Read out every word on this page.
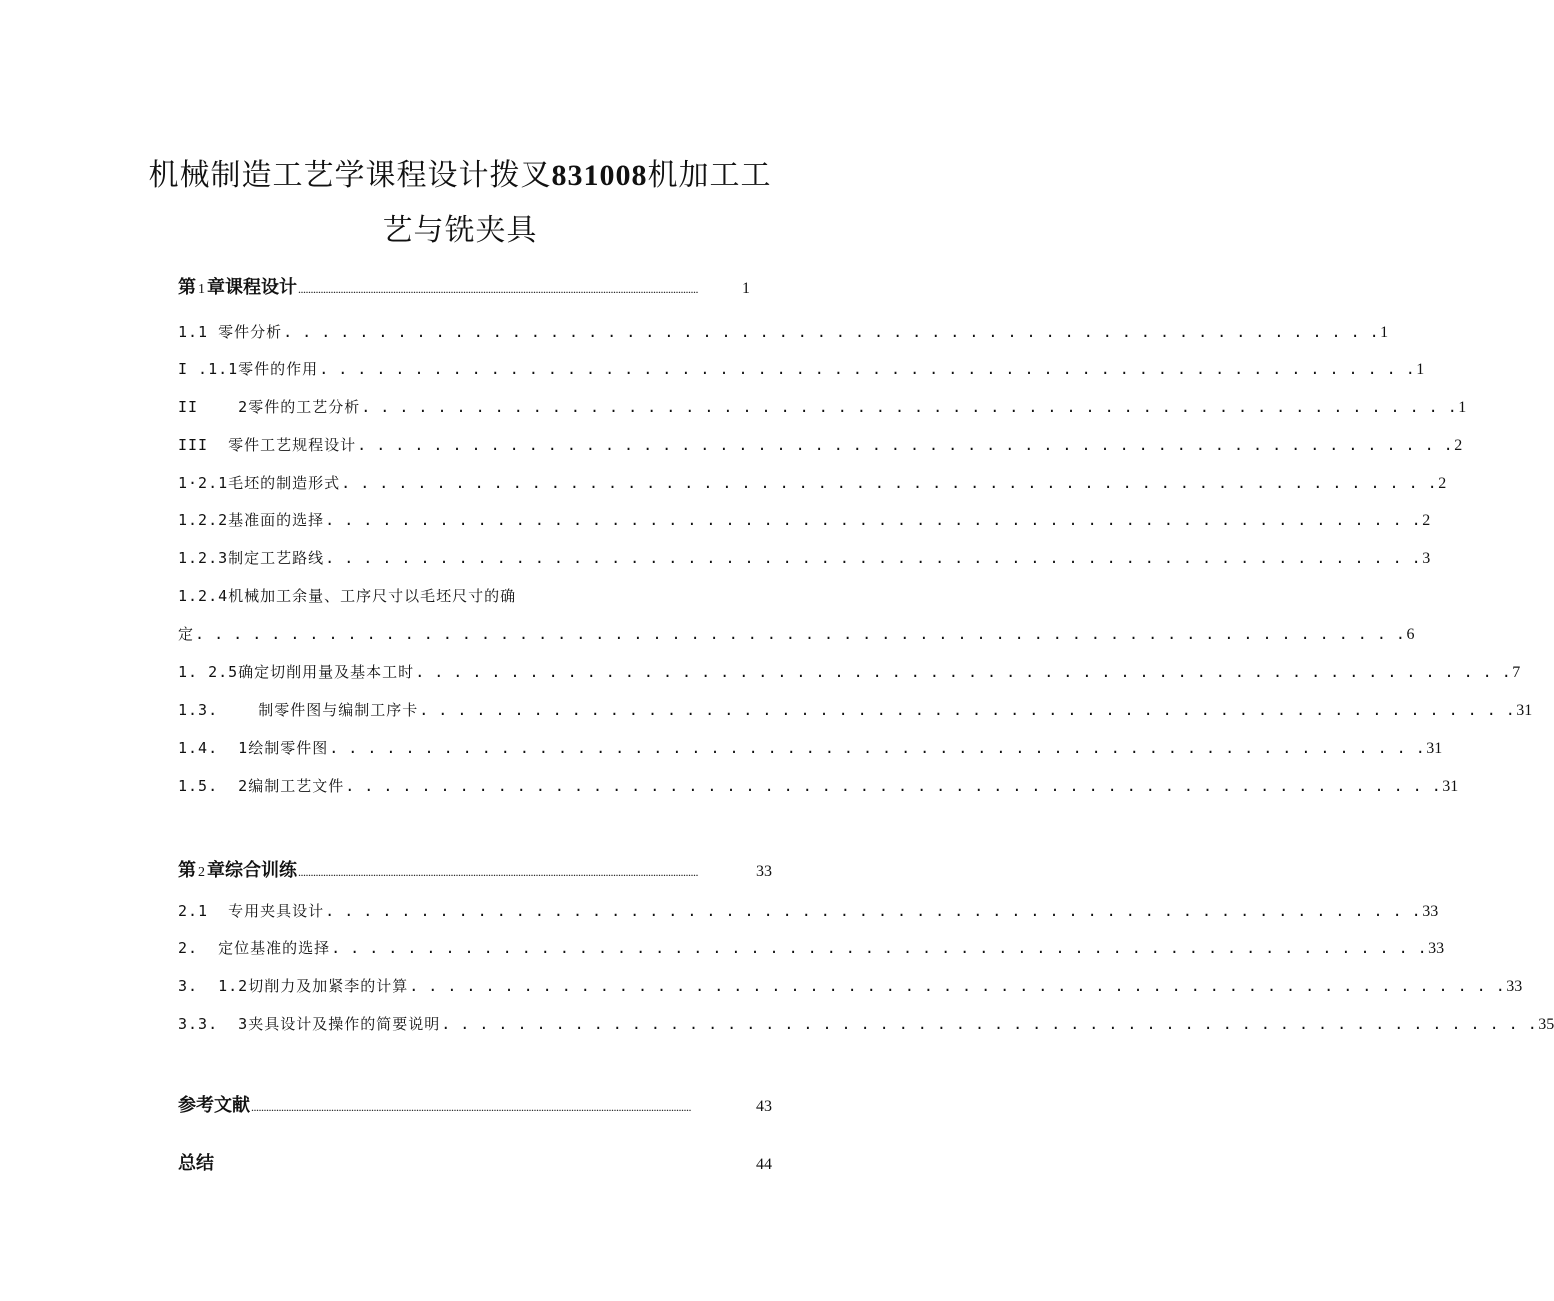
机械制造工艺学课程设计拨叉831008机加工工
艺与铣夹具
第 1 章课程设计 ................................................................................................................................................................	1
1.1 零件分析 . . . . . . . . . . . . . . . . . . . . . . . . . . . . . . . . . . . . . . . . . . . . . . . . . . . . . . . . . . 1
I .1.1零件的作用 . . . . . . . . . . . . . . . . . . . . . . . . . . . . . . . . . . . . . . . . . . . . . . . . . . . . . . . . . . 1
II    2零件的工艺分析 . . . . . . . . . . . . . . . . . . . . . . . . . . . . . . . . . . . . . . . . . . . . . . . . . . . . . . . . . . 1
III  零件工艺规程设计 . . . . . . . . . . . . . . . . . . . . . . . . . . . . . . . . . . . . . . . . . . . . . . . . . . . . . . . . . . 2
1·2.1毛坯的制造形式 . . . . . . . . . . . . . . . . . . . . . . . . . . . . . . . . . . . . . . . . . . . . . . . . . . . . . . . . . . 2
1.2.2基准面的选择 . . . . . . . . . . . . . . . . . . . . . . . . . . . . . . . . . . . . . . . . . . . . . . . . . . . . . . . . . . 2
1.2.3制定工艺路线 . . . . . . . . . . . . . . . . . . . . . . . . . . . . . . . . . . . . . . . . . . . . . . . . . . . . . . . . . . 3
1.2.4机械加工余量、工序尺寸以毛坯尺寸的确
定 . . . . . . . . . . . . . . . . . . . . . . . . . . . . . . . . . . . . . . . . . . . . . . . . . . . . . . . . . . . . . . . . 6
1. 2.5确定切削用量及基本工时 . . . . . . . . . . . . . . . . . . . . . . . . . . . . . . . . . . . . . . . . . . . . . . . . . . . . . . . . . . 7
1.3.    制零件图与编制工序卡 . . . . . . . . . . . . . . . . . . . . . . . . . . . . . . . . . . . . . . . . . . . . . . . . . . . . . . . . . . 31
1.4.  1绘制零件图 . . . . . . . . . . . . . . . . . . . . . . . . . . . . . . . . . . . . . . . . . . . . . . . . . . . . . . . . . . 31
1.5.  2编制工艺文件 . . . . . . . . . . . . . . . . . . . . . . . . . . . . . . . . . . . . . . . . . . . . . . . . . . . . . . . . . . 31
第 2 章综合训练 ................................................................................................................................................................	33
2.1  专用夹具设计 . . . . . . . . . . . . . . . . . . . . . . . . . . . . . . . . . . . . . . . . . . . . . . . . . . . . . . . . . . 33
2.  定位基准的选择 . . . . . . . . . . . . . . . . . . . . . . . . . . . . . . . . . . . . . . . . . . . . . . . . . . . . . . . . . . 33
3.  1.2切削力及加紧李的计算 . . . . . . . . . . . . . . . . . . . . . . . . . . . . . . . . . . . . . . . . . . . . . . . . . . . . . . . . . . 33
3.3.  3夹具设计及操作的简要说明 . . . . . . . . . . . . . . . . . . . . . . . . . . . . . . . . . . . . . . . . . . . . . . . . . . . . . . . . . . 35
参考文献 ................................................................................................................................................................................	43
总结	44
